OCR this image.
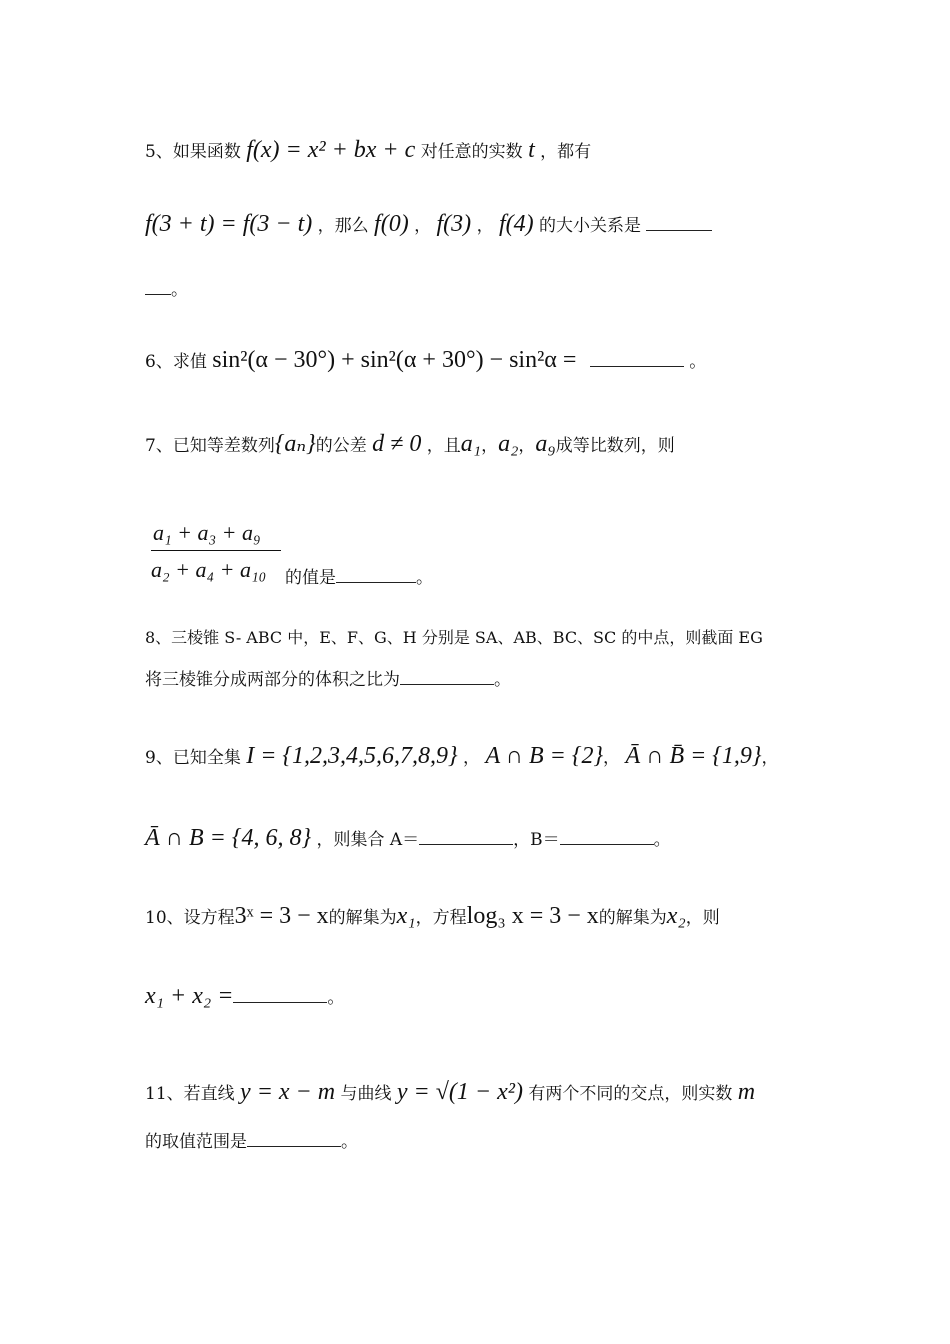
5、如果函数 f(x) = x² + bx + c 对任意的实数 t ，都有
f(3 + t) = f(3 − t) ，那么 f(0) ， f(3) ， f(4) 的大小关系是
。
6、求值 sin²(α − 30°) + sin²(α + 30°) − sin²α =	。
7、已知等差数列{aₙ}的公差 d ≠ 0 ，且a₁，a₂，a₉成等比数列，则
a₁ + a₃ + a₉
a₂ + a₄ + a₁₀	的值是	。
8、三棱锥 S- ABC 中，E、F、G、H 分别是 SA、AB、BC、SC 的中点，则截面 EG
将三棱锥分成两部分的体积之比为	。
9、已知全集 I = {1,2,3,4,5,6,7,8,9} ， A ∩ B = {2}， Ā ∩ B̄ = {1,9}，
Ā ∩ B = {4, 6, 8} ，则集合 A＝	，B＝	。
10、设方程3ˣ = 3 − x的解集为x₁，方程log₃ x = 3 − x的解集为x₂，则
x₁ + x₂ =	。
11、若直线 y = x − m 与曲线 y = √(1 − x²) 有两个不同的交点，则实数 m
的取值范围是	。
